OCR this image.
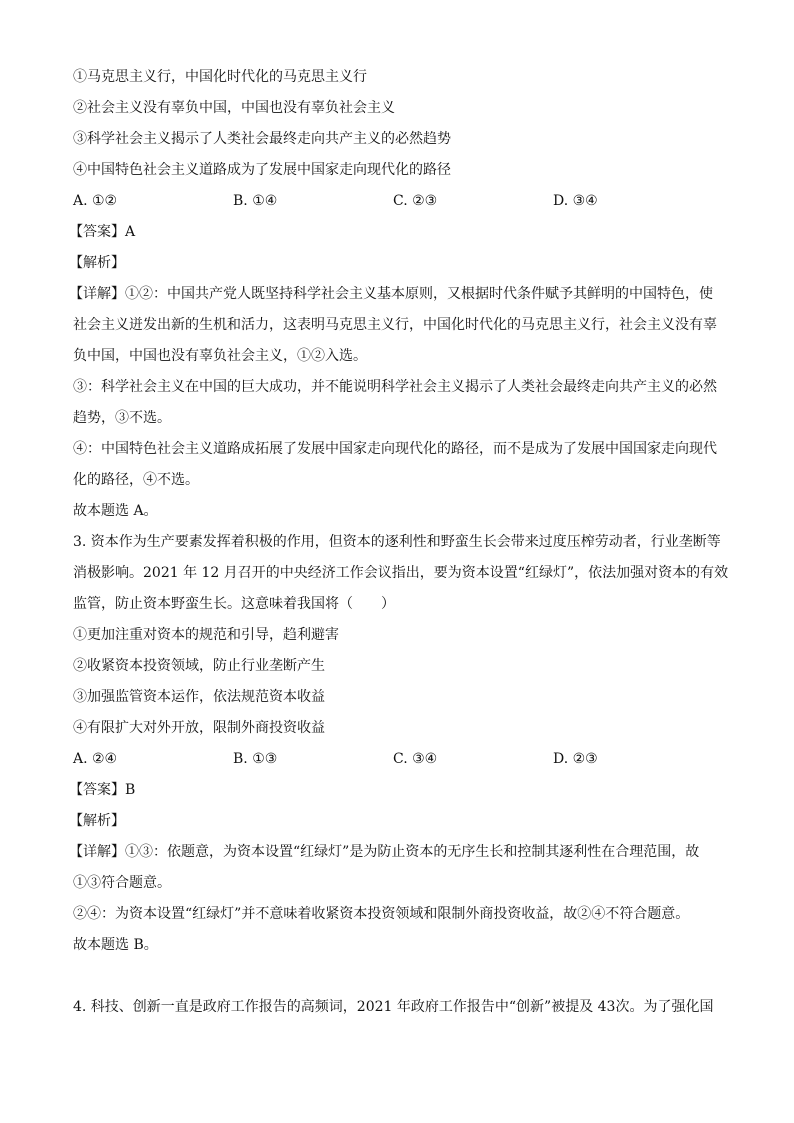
①马克思主义行，中国化时代化的马克思主义行
②社会主义没有辜负中国，中国也没有辜负社会主义
③科学社会主义揭示了人类社会最终走向共产主义的必然趋势
④中国特色社会主义道路成为了发展中国家走向现代化的路径
A. ①②	B. ①④	C. ②③	D. ③④
【答案】A
【解析】
【详解】①②：中国共产党人既坚持科学社会主义基本原则，又根据时代条件赋予其鲜明的中国特色，使
社会主义迸发出新的生机和活力，这表明马克思主义行，中国化时代化的马克思主义行，社会主义没有辜
负中国，中国也没有辜负社会主义，①②入选。
③：科学社会主义在中国的巨大成功，并不能说明科学社会主义揭示了人类社会最终走向共产主义的必然
趋势，③不选。
④：中国特色社会主义道路成拓展了发展中国家走向现代化的路径，而不是成为了发展中国国家走向现代
化的路径，④不选。
故本题选 A。
3. 资本作为生产要素发挥着积极的作用，但资本的逐利性和野蛮生长会带来过度压榨劳动者，行业垄断等
消极影响。2021 年 12 月召开的中央经济工作会议指出，要为资本设置“红绿灯”，依法加强对资本的有效
监管，防止资本野蛮生长。这意味着我国将（　　）
①更加注重对资本的规范和引导，趋利避害
②收紧资本投资领域，防止行业垄断产生
③加强监管资本运作，依法规范资本收益
④有限扩大对外开放，限制外商投资收益
A. ②④	B. ①③	C. ③④	D. ②③
【答案】B
【解析】
【详解】①③：依题意，为资本设置“红绿灯”是为防止资本的无序生长和控制其逐利性在合理范围，故
①③符合题意。
②④：为资本设置“红绿灯”并不意味着收紧资本投资领域和限制外商投资收益，故②④不符合题意。
故本题选 B。
4. 科技、创新一直是政府工作报告的高频词，2021 年政府工作报告中“创新”被提及 43次。为了强化国
